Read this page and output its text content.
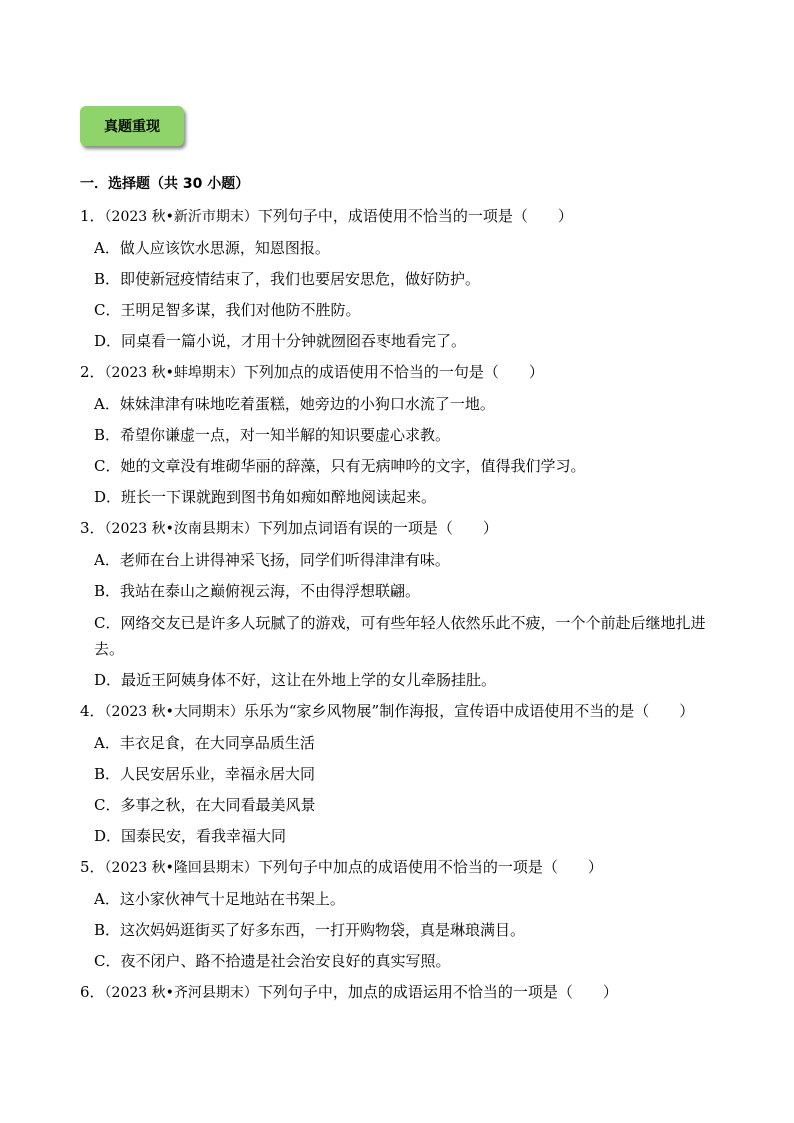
真题重现
一．选择题（共 30 小题）
1．（2023 秋•新沂市期末）下列句子中，成语使用不恰当的一项是（　　）
A．做人应该饮水思源，知恩图报。
B．即使新冠疫情结束了，我们也要居安思危，做好防护。
C．王明足智多谋，我们对他防不胜防。
D．同桌看一篇小说，才用十分钟就囫囵吞枣地看完了。
2．（2023 秋•蚌埠期末）下列加点的成语使用不恰当的一句是（　　）
A．妹妹津津有味地吃着蛋糕，她旁边的小狗口水流了一地。
B．希望你谦虚一点，对一知半解的知识要虚心求教。
C．她的文章没有堆砌华丽的辞藻，只有无病呻吟的文字，值得我们学习。
D．班长一下课就跑到图书角如痴如醉地阅读起来。
3．（2023 秋•汝南县期末）下列加点词语有误的一项是（　　）
A．老师在台上讲得神采飞扬，同学们听得津津有味。
B．我站在泰山之巅俯视云海，不由得浮想联翩。
C．网络交友已是许多人玩腻了的游戏，可有些年轻人依然乐此不疲，一个个前赴后继地扎进去。
D．最近王阿姨身体不好，这让在外地上学的女儿牵肠挂肚。
4．（2023 秋•大同期末）乐乐为“家乡风物展”制作海报，宣传语中成语使用不当的是（　　）
A．丰衣足食，在大同享品质生活
B．人民安居乐业，幸福永居大同
C．多事之秋，在大同看最美风景
D．国泰民安，看我幸福大同
5．（2023 秋•隆回县期末）下列句子中加点的成语使用不恰当的一项是（　　）
A．这小家伙神气十足地站在书架上。
B．这次妈妈逛街买了好多东西，一打开购物袋，真是琳琅满目。
C．夜不闭户、路不拾遗是社会治安良好的真实写照。
6．（2023 秋•齐河县期末）下列句子中，加点的成语运用不恰当的一项是（　　）
